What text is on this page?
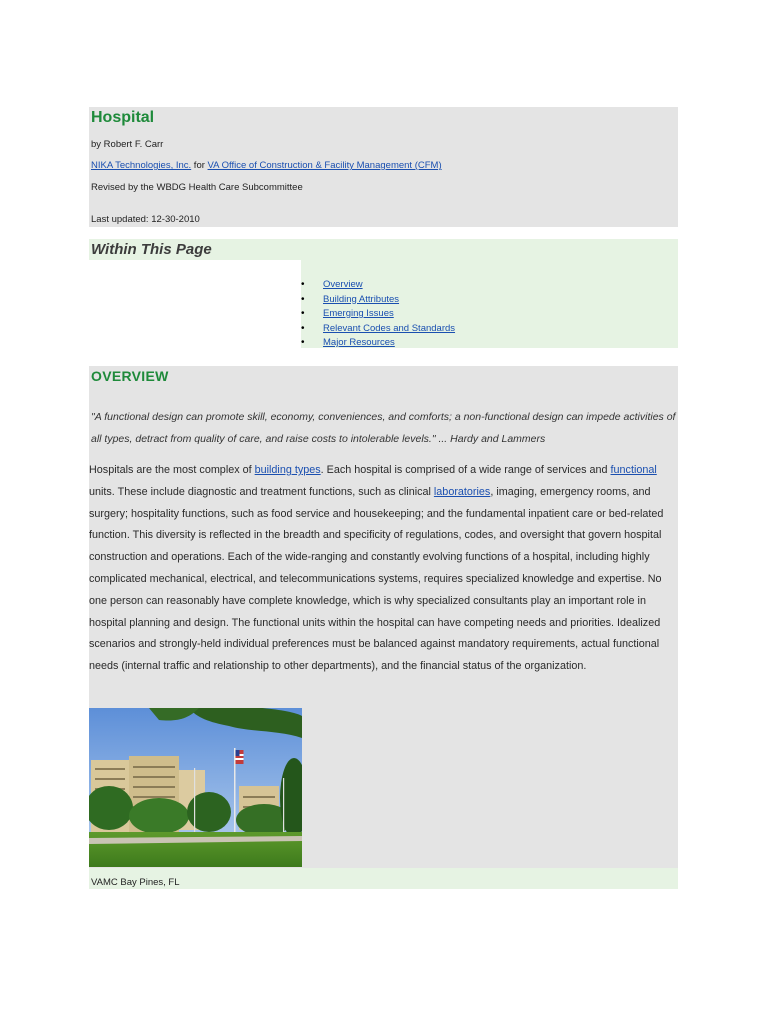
Hospital
by Robert F. Carr
NIKA Technologies, Inc. for VA Office of Construction & Facility Management (CFM)
Revised by the WBDG Health Care Subcommittee
Last updated: 12-30-2010
Within This Page
• Overview
• Building Attributes
• Emerging Issues
• Relevant Codes and Standards
• Major Resources
OVERVIEW

"A functional design can promote skill, economy, conveniences, and comforts; a non-functional design can impede activities of all types, detract from quality of care, and raise costs to intolerable levels." ... Hardy and Lammers

Hospitals are the most complex of building types. Each hospital is comprised of a wide range of services and functional units. These include diagnostic and treatment functions, such as clinical laboratories, imaging, emergency rooms, and surgery; hospitality functions, such as food service and housekeeping; and the fundamental inpatient care or bed-related function. This diversity is reflected in the breadth and specificity of regulations, codes, and oversight that govern hospital construction and operations. Each of the wide-ranging and constantly evolving functions of a hospital, including highly complicated mechanical, electrical, and telecommunications systems, requires specialized knowledge and expertise. No one person can reasonably have complete knowledge, which is why specialized consultants play an important role in hospital planning and design. The functional units within the hospital can have competing needs and priorities. Idealized scenarios and strongly-held individual preferences must be balanced against mandatory requirements, actual functional needs (internal traffic and relationship to other departments), and the financial status of the organization.

VAMC Bay Pines, FL
